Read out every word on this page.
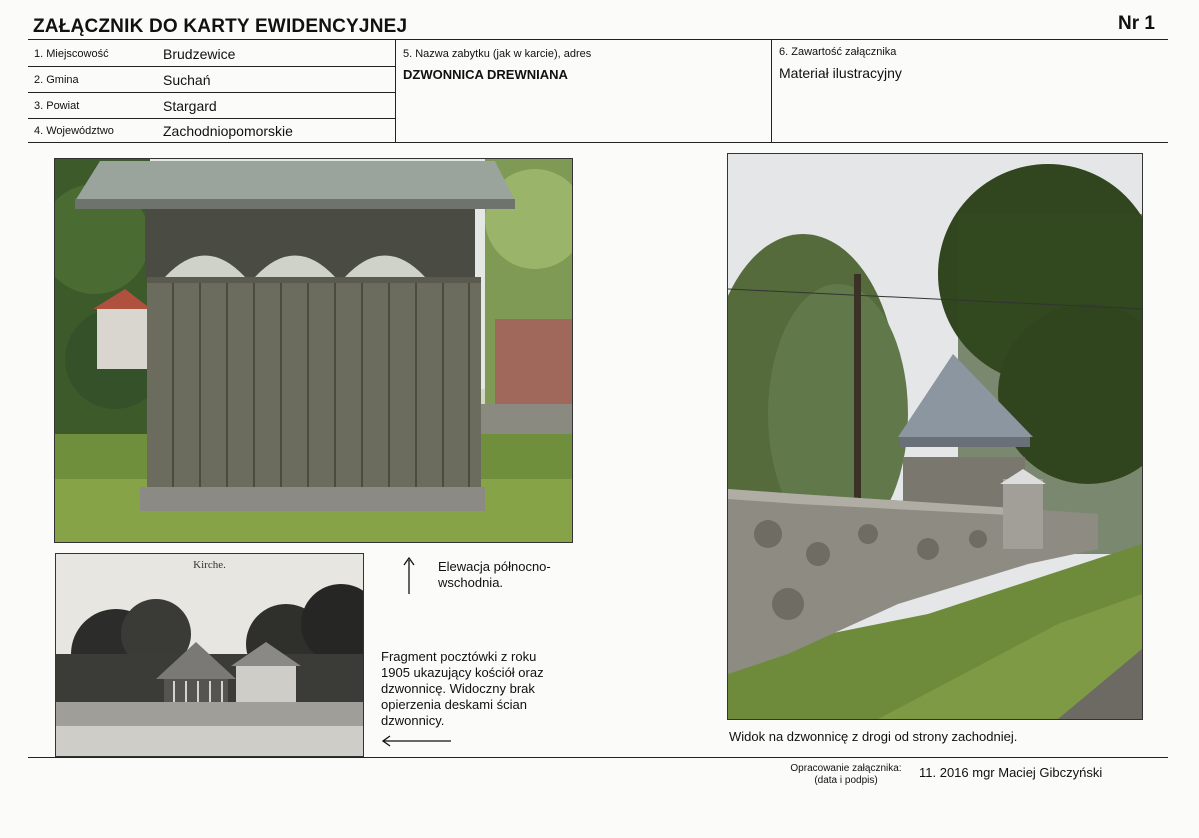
ZAŁĄCZNIK DO KARTY EWIDENCYJNEJ	Nr 1
1. Miejscowość	Brudzewice
2. Gmina	Suchań
3. Powiat	Stargard
4. Województwo	Zachodniopomorskie
5. Nazwa zabytku (jak w karcie), adres
DZWONNICA DREWNIANA
6. Zawartość załącznika
Materiał ilustracyjny
Kirche.	Elewacja północno-
wschodnia.
Fragment pocztówki z roku
1905 ukazujący kościół oraz
dzwonnicę. Widoczny brak
opierzenia deskami ścian
dzwonnicy.
Widok na dzwonnicę z drogi od strony zachodniej.
Opracowanie załącznika:
(data i podpis)
11. 2016 mgr Maciej Gibczyński
